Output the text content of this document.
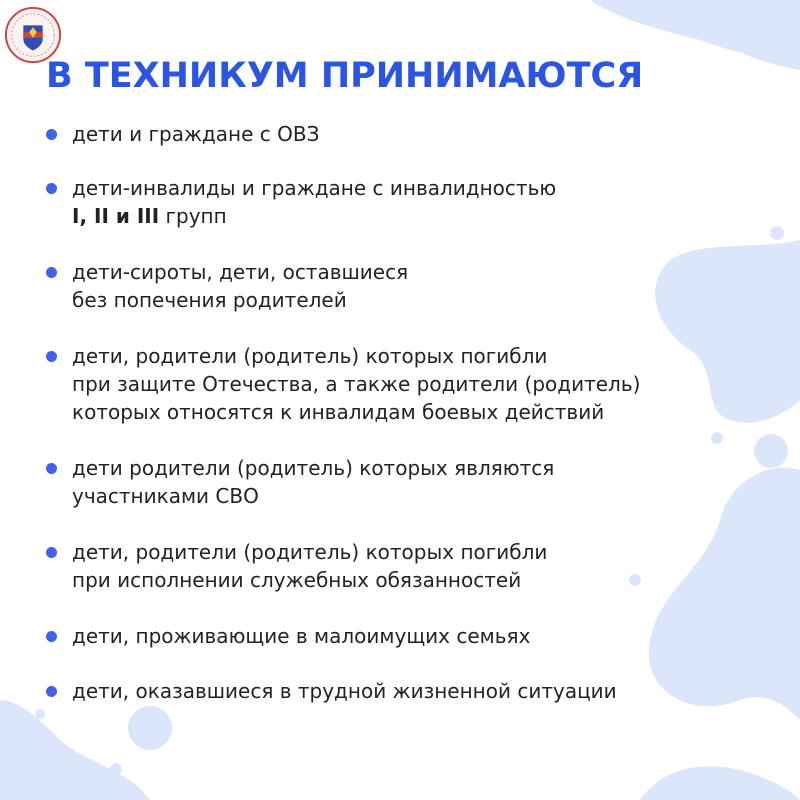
В ТЕХНИКУМ ПРИНИМАЮТСЯ
дети и граждане с ОВЗ
дети-инвалиды и граждане с инвалидностью
I, II и III групп
дети-сироты, дети, оставшиеся
без попечения родителей
дети, родители (родитель) которых погибли
при защите Отечества, а также родители (родитель)
которых относятся к инвалидам боевых действий
дети родители (родитель) которых являются
участниками СВО
дети, родители (родитель) которых погибли
при исполнении служебных обязанностей
дети, проживающие в малоимущих семьях
дети, оказавшиеся в трудной жизненной ситуации
